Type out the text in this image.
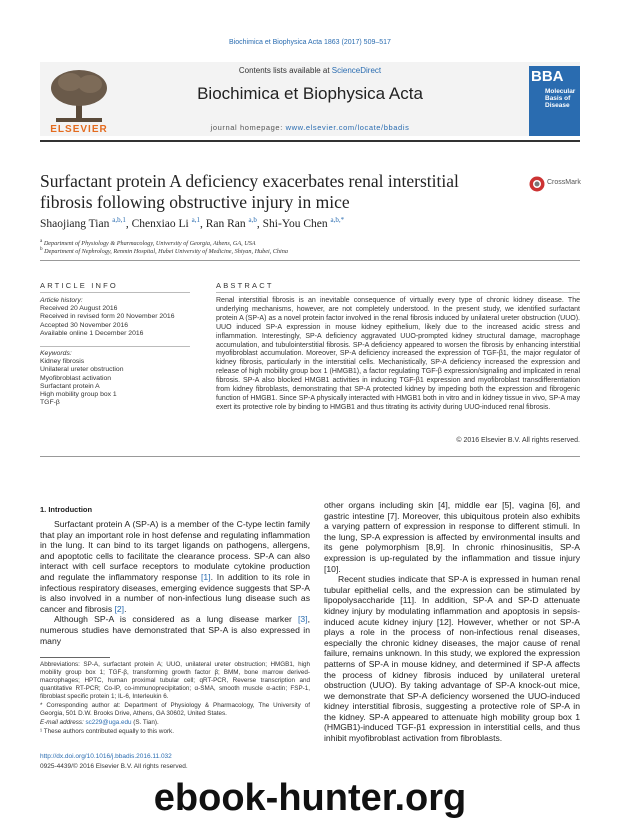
Biochimica et Biophysica Acta 1863 (2017) 509–517
ELSEVIER
Contents lists available at ScienceDirect
Biochimica et Biophysica Acta
journal homepage: www.elsevier.com/locate/bbadis
BBA
Molecular Basis of Disease
Surfactant protein A deficiency exacerbates renal interstitial fibrosis following obstructive injury in mice
CrossMark
Shaojiang Tian $^{a,b,1}$, Chenxiao Li $^{a,1}$, Ran Ran $^{a,b}$, Shi-You Chen $^{a,b,*}$
$^a$ Department of Physiology & Pharmacology, University of Georgia, Athens, GA, USA
$^b$ Department of Nephrology, Renmin Hospital, Hubei University of Medicine, Shiyan, Hubei, China
ARTICLE INFO
Article history:
Received 20 August 2016
Received in revised form 20 November 2016
Accepted 30 November 2016
Available online 1 December 2016
Keywords:
Kidney fibrosis
Unilateral ureter obstruction
Myofibroblast activation
Surfactant protein A
High mobility group box 1
TGF-β
ABSTRACT
Renal interstitial fibrosis is an inevitable consequence of virtually every type of chronic kidney disease. The underlying mechanisms, however, are not completely understood. In the present study, we identified surfactant protein A (SP-A) as a novel protein factor involved in the renal fibrosis induced by unilateral ureter obstruction (UUO). UUO induced SP-A expression in mouse kidney epithelium, likely due to the increased acidic stress and inflammation. Interestingly, SP-A deficiency aggravated UUO-prompted kidney structural damage, macrophage accumulation, and tubulointerstitial fibrosis. SP-A deficiency appeared to worsen the fibrosis by enhancing interstitial myofibroblast accumulation. Moreover, SP-A deficiency increased the expression of TGF-β1, the major regulator of kidney fibrosis, particularly in the interstitial cells. Mechanistically, SP-A deficiency increased the expression and release of high mobility group box 1 (HMGB1), a factor regulating TGF-β expression/signaling and implicated in renal fibrosis. SP-A also blocked HMGB1 activities in inducing TGF-β1 expression and myofibroblast transdifferentiation from kidney fibroblasts, demonstrating that SP-A protected kidney by impeding both the expression and fibrogenic function of HMGB1. Since SP-A physically interacted with HMGB1 both in vitro and in kidney tissue in vivo, SP-A may exert its protective role by binding to HMGB1 and thus titrating its activity during UUO-induced renal fibrosis.
© 2016 Elsevier B.V. All rights reserved.
1. Introduction

Surfactant protein A (SP-A) is a member of the C-type lectin family that play an important role in host defense and regulating inflammation in the lung. It can bind to its target ligands on pathogens, allergens, and apoptotic cells to facilitate the clearance process. SP-A can also interact with cell surface receptors to modulate cytokine production and regulate the inflammatory response [1]. In addition to its role in infectious respiratory diseases, emerging evidence suggests that SP-A is also involved in a number of non-infectious lung disease such as cancer and fibrosis [2].

Although SP-A is considered as a lung disease marker [3], numerous studies have demonstrated that SP-A is also expressed in many

other organs including skin [4], middle ear [5], vagina [6], and gastric intestine [7]. Moreover, this ubiquitous protein also exhibits a varying pattern of expression in response to different stimuli. In the lung, SP-A expression is affected by environmental insults and its gene polymorphism [8,9]. In chronic rhinosinusitis, SP-A expression is up-regulated by the inflammation and tissue injury [10].

Recent studies indicate that SP-A is expressed in human renal tubular epithelial cells, and the expression can be stimulated by lipopolysaccharide [11]. In addition, SP-A and SP-D attenuate kidney injury by modulating inflammation and apoptosis in sepsis-induced acute kidney injury [12]. However, whether or not SP-A plays a role in the process of non-infectious renal diseases, especially the chronic kidney diseases, the major cause of renal failure, remains unknown. In this study, we explored the expression patterns of SP-A in mouse kidney, and determined if SP-A affects the process of kidney fibrosis induced by unilateral ureteral obstruction (UUO). By taking advantage of SP-A knock-out mice, we demonstrate that SP-A deficiency worsened the UUO-induced kidney interstitial fibrosis, suggesting a protective role of SP-A in the kidney. SP-A appeared to attenuate high mobility group box 1 (HMGB1)-induced TGF-β1 expression in interstitial cells, and thus inhibit myofibroblast activation from fibroblasts.

Abbreviations: SP-A, surfactant protein A; UUO, unilateral ureter obstruction; HMGB1, high mobility group box 1; TGF-β, transforming growth factor β; BMM, bone marrow derived-macrophages; HPTC, human proximal tubular cell; qRT-PCR, Reverse transcription and quantitative RT-PCR; Co-IP, co-immunoprecipitation; α-SMA, smooth muscle α-actin; FSP-1, fibroblast specific protein 1; IL-6, Interleukin 6.

* Corresponding author at: Department of Physiology & Pharmacology, The University of Georgia, 501 D.W. Brooks Drive, Athens, GA 30602, United States.

E-mail address: sc229@uga.edu (S. Tian).

¹ These authors contributed equally to this work.

http://dx.doi.org/10.1016/j.bbadis.2016.11.032
0925-4439/© 2016 Elsevier B.V. All rights reserved.
ebook-hunter.org
